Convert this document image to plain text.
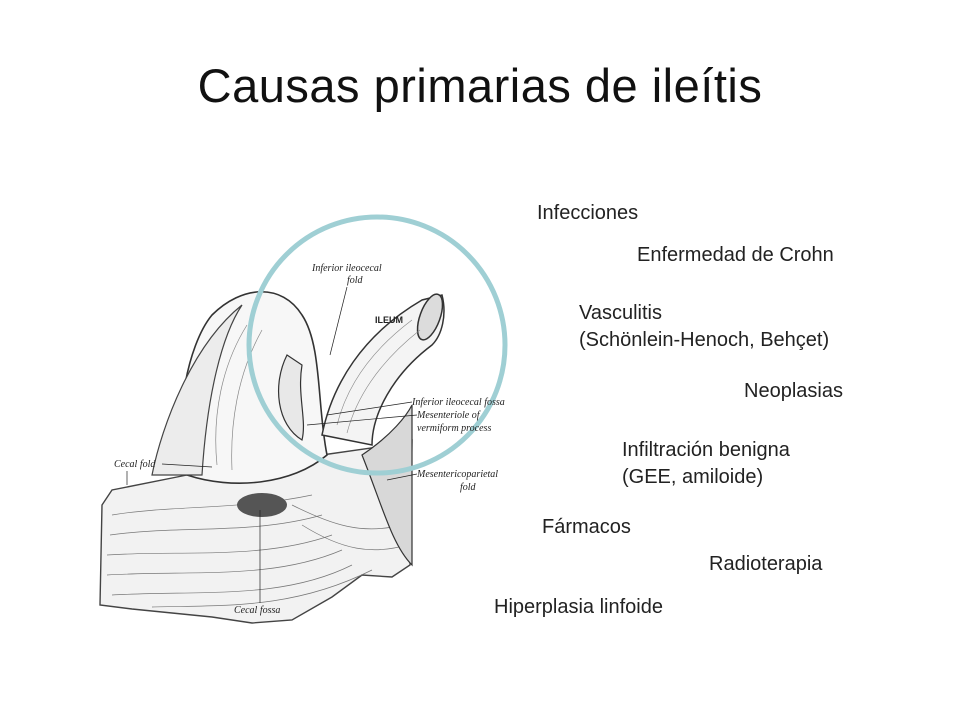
Causas primarias de ileítis
Inferior ileocecal
fold
ILEUM
Inferior ileocecal fossa
Mesenteriole of
vermiform process
Mesentericoparietal
fold
Cecal fold
Cecal fossa
Infecciones
Enfermedad de Crohn
Vasculitis
(Schönlein-Henoch, Behçet)
Neoplasias
Infiltración benigna
(GEE, amiloide)
Fármacos
Radioterapia
Hiperplasia linfoide
